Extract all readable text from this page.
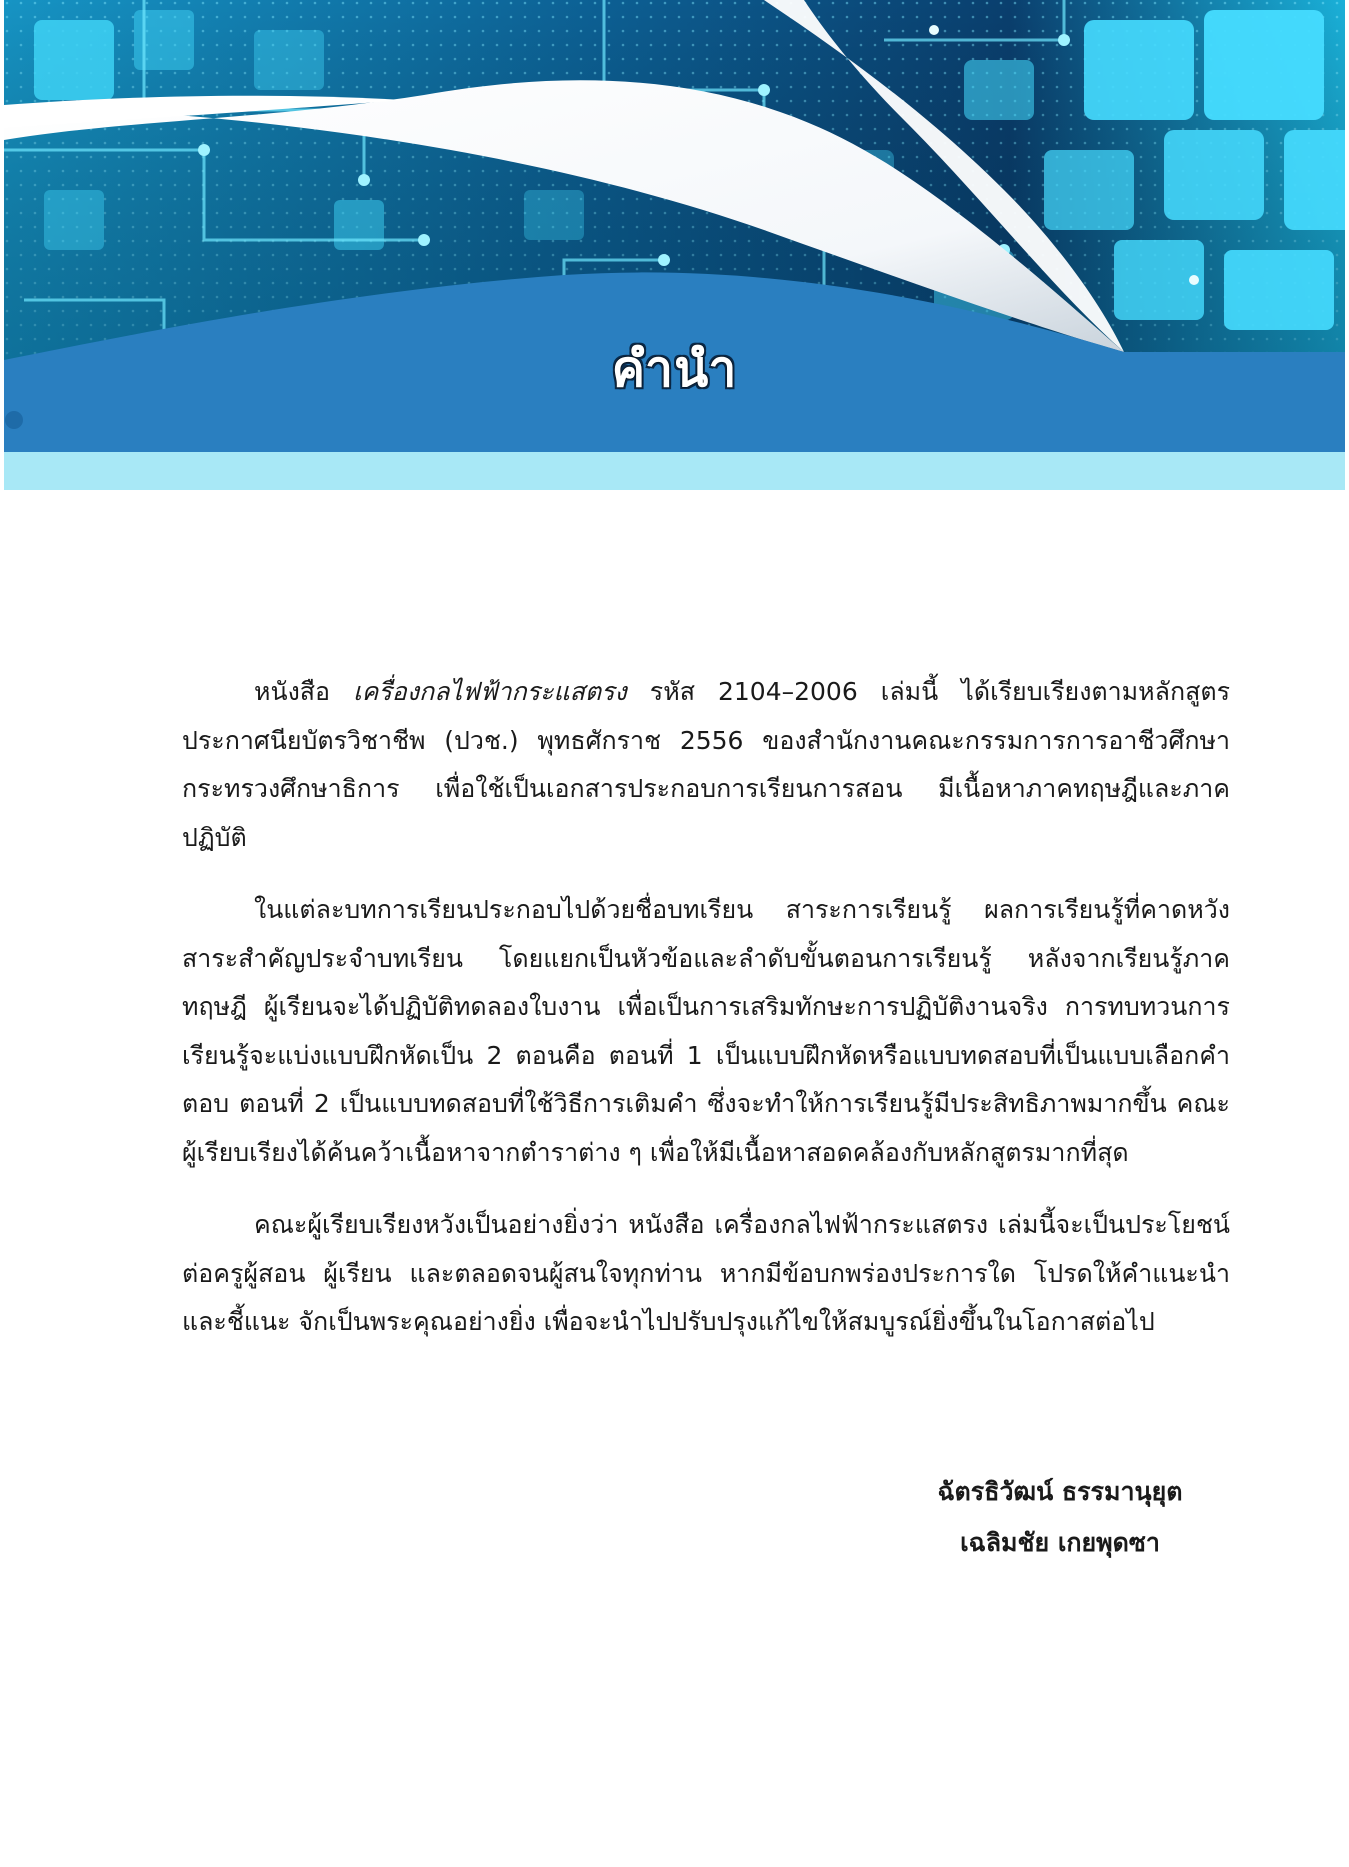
คำนำ

หนังสือ เครื่องกลไฟฟ้ากระแสตรง รหัส 2104–2006 เล่มนี้ ได้เรียบเรียงตามหลักสูตรประกาศนียบัตรวิชาชีพ (ปวช.) พุทธศักราช 2556 ของสำนักงานคณะกรรมการการอาชีวศึกษา กระทรวงศึกษาธิการ เพื่อใช้เป็นเอกสารประกอบการเรียนการสอน มีเนื้อหาภาคทฤษฎีและภาคปฏิบัติ

ในแต่ละบทการเรียนประกอบไปด้วยชื่อบทเรียน สาระการเรียนรู้ ผลการเรียนรู้ที่คาดหวัง สาระสำคัญประจำบทเรียน โดยแยกเป็นหัวข้อและลำดับขั้นตอนการเรียนรู้ หลังจากเรียนรู้ภาคทฤษฎี ผู้เรียนจะได้ปฏิบัติทดลองใบงาน เพื่อเป็นการเสริมทักษะการปฏิบัติงานจริง การทบทวนการเรียนรู้จะแบ่งแบบฝึกหัดเป็น 2 ตอนคือ ตอนที่ 1 เป็นแบบฝึกหัดหรือแบบทดสอบที่เป็นแบบเลือกคำตอบ ตอนที่ 2 เป็นแบบทดสอบที่ใช้วิธีการเติมคำ ซึ่งจะทำให้การเรียนรู้มีประสิทธิภาพมากขึ้น คณะผู้เรียบเรียงได้ค้นคว้าเนื้อหาจากตำราต่าง ๆ เพื่อให้มีเนื้อหาสอดคล้องกับหลักสูตรมากที่สุด

คณะผู้เรียบเรียงหวังเป็นอย่างยิ่งว่า หนังสือ เครื่องกลไฟฟ้ากระแสตรง เล่มนี้จะเป็นประโยชน์ต่อครูผู้สอน ผู้เรียน และตลอดจนผู้สนใจทุกท่าน หากมีข้อบกพร่องประการใด โปรดให้คำแนะนำและชี้แนะ จักเป็นพระคุณอย่างยิ่ง เพื่อจะนำไปปรับปรุงแก้ไขให้สมบูรณ์ยิ่งขึ้นในโอกาสต่อไป

ฉัตรธิวัฒน์ ธรรมานุยุต
เฉลิมชัย เกยพุดซา
